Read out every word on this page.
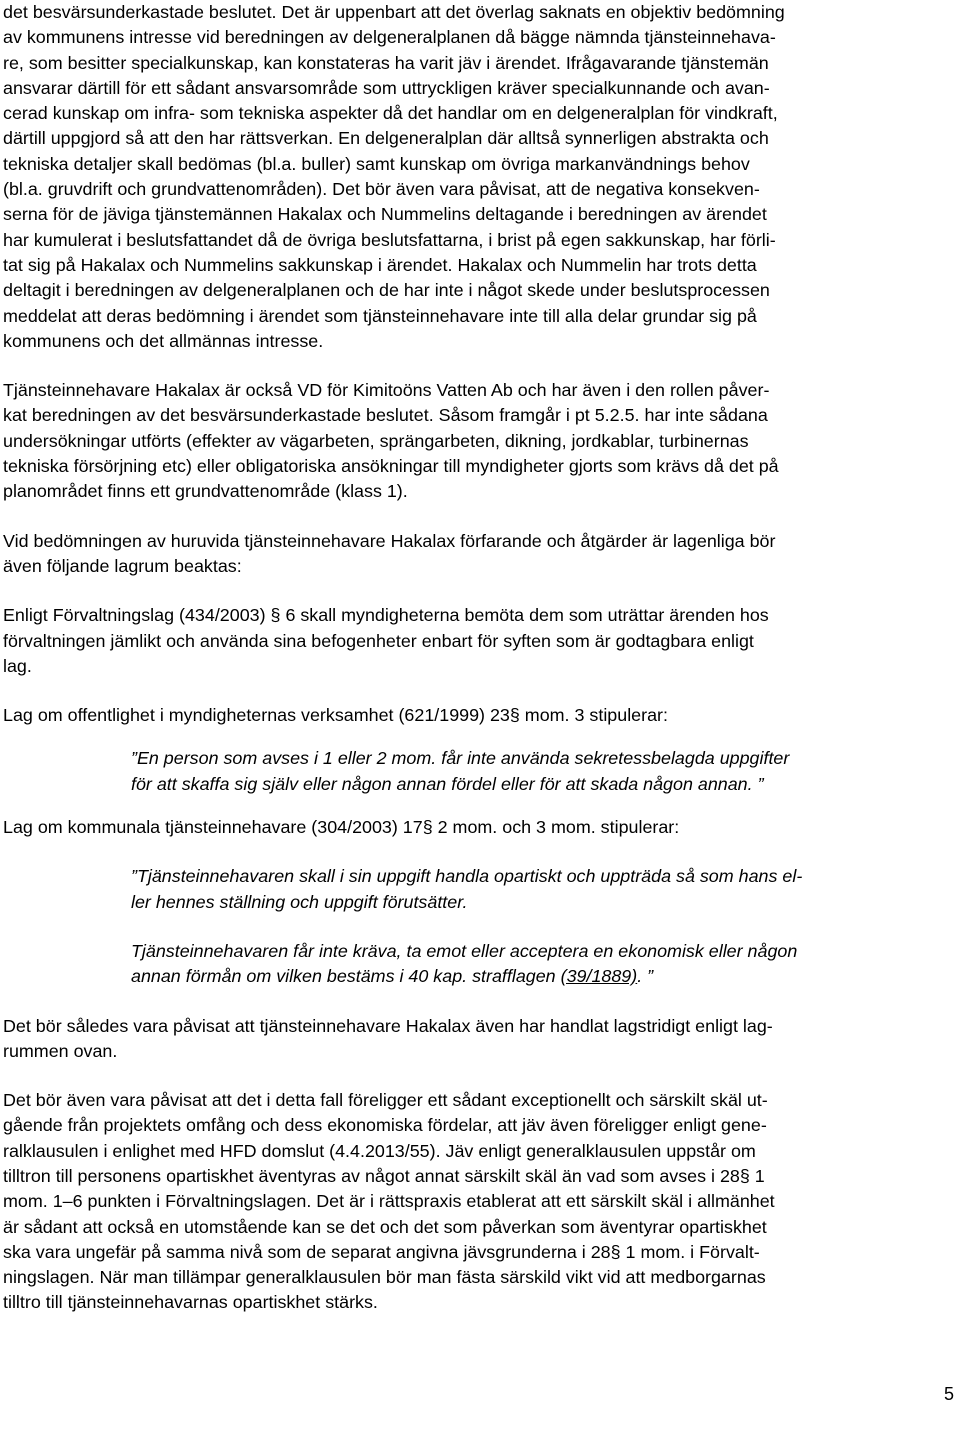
det besvärsunderkastade beslutet. Det är uppenbart att det överlag saknats en objektiv bedömning
av kommunens intresse vid beredningen av delgeneralplanen då bägge nämnda tjänsteinnehava-
re, som besitter specialkunskap, kan konstateras ha varit jäv i ärendet. Ifrågavarande tjänstemän
ansvarar därtill för ett sådant ansvarsområde som uttryckligen kräver specialkunnande och avan-
cerad kunskap om infra- som tekniska aspekter då det handlar om en delgeneralplan för vindkraft,
därtill uppgjord så att den har rättsverkan. En delgeneralplan där alltså synnerligen abstrakta och
tekniska detaljer skall bedömas (bl.a. buller) samt kunskap om övriga markanvändnings behov
(bl.a. gruvdrift och grundvattenområden). Det bör även vara påvisat, att de negativa konsekven-
serna för de jäviga tjänstemännen Hakalax och Nummelins deltagande i beredningen av ärendet
har kumulerat i beslutsfattandet då de övriga beslutsfattarna, i brist på egen sakkunskap, har förli-
tat sig på Hakalax och Nummelins sakkunskap i ärendet. Hakalax och Nummelin har trots detta
deltagit i beredningen av delgeneralplanen och de har inte i något skede under beslutsprocessen
meddelat att deras bedömning i ärendet som tjänsteinnehavare inte till alla delar grundar sig på
kommunens och det allmännas intresse.
Tjänsteinnehavare Hakalax är också VD för Kimitoöns Vatten Ab och har även i den rollen påver-
kat beredningen av det besvärsunderkastade beslutet. Såsom framgår i pt 5.2.5. har inte sådana
undersökningar utförts (effekter av vägarbeten, sprängarbeten, dikning, jordkablar, turbinernas
tekniska försörjning etc) eller obligatoriska ansökningar till myndigheter gjorts som krävs då det på
planområdet finns ett grundvattenområde (klass 1).
Vid bedömningen av huruvida tjänsteinnehavare Hakalax förfarande och åtgärder är lagenliga bör
även följande lagrum beaktas:
Enligt Förvaltningslag (434/2003) § 6 skall myndigheterna bemöta dem som uträttar ärenden hos
förvaltningen jämlikt och använda sina befogenheter enbart för syften som är godtagbara enligt
lag.
Lag om offentlighet i myndigheternas verksamhet (621/1999) 23§ mom. 3 stipulerar:
”En person som avses i 1 eller 2 mom. får inte använda sekretessbelagda uppgifter
för att skaffa sig själv eller någon annan fördel eller för att skada någon annan. ”
Lag om kommunala tjänsteinnehavare (304/2003) 17§ 2 mom. och 3 mom. stipulerar:
”Tjänsteinnehavaren skall i sin uppgift handla opartiskt och uppträda så som hans el-
ler hennes ställning och uppgift förutsätter.
Tjänsteinnehavaren får inte kräva, ta emot eller acceptera en ekonomisk eller någon
annan förmån om vilken bestäms i 40 kap. strafflagen (39/1889). ”
Det bör således vara påvisat att tjänsteinnehavare Hakalax även har handlat lagstridigt enligt lag-
rummen ovan.
Det bör även vara påvisat att det i detta fall föreligger ett sådant exceptionellt och särskilt skäl ut-
gående från projektets omfång och dess ekonomiska fördelar, att jäv även föreligger enligt gene-
ralklausulen i enlighet med HFD domslut (4.4.2013/55). Jäv enligt generalklausulen uppstår om
tilltron till personens opartiskhet äventyras av något annat särskilt skäl än vad som avses i 28§ 1
mom. 1–6 punkten i Förvaltningslagen. Det är i rättspraxis etablerat att ett särskilt skäl i allmänhet
är sådant att också en utomstående kan se det och det som påverkan som äventyrar opartiskhet
ska vara ungefär på samma nivå som de separat angivna jävsgrunderna i 28§ 1 mom. i Förvalt-
ningslagen. När man tillämpar generalklausulen bör man fästa särskild vikt vid att medborgarnas
tilltro till tjänsteinnehavarnas opartiskhet stärks.
5
